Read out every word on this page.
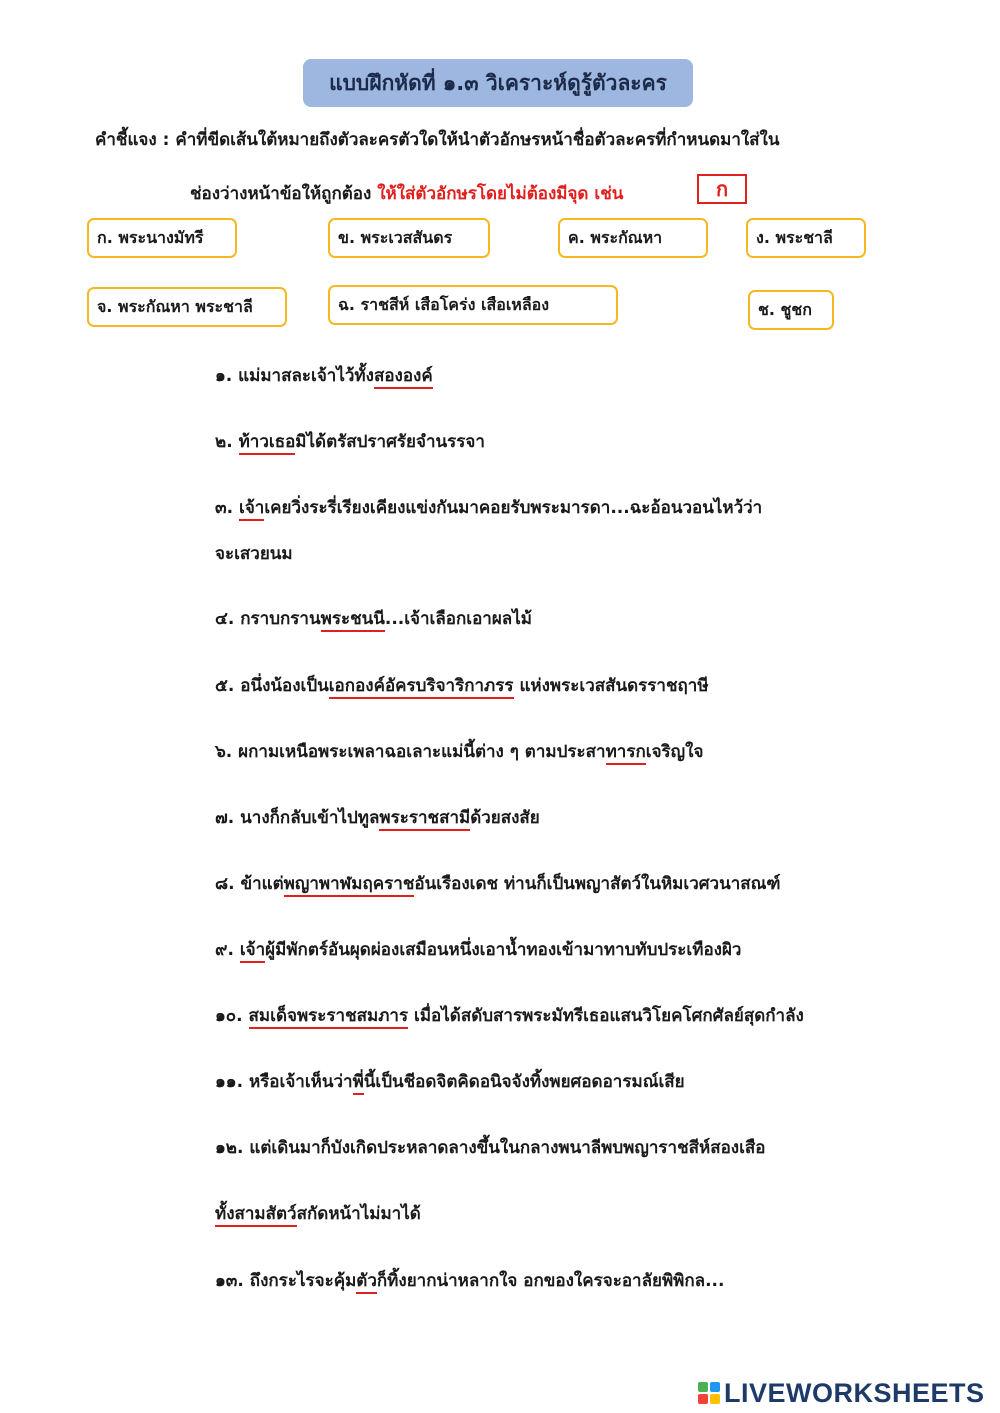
แบบฝึกหัดที่ ๑.๓ วิเคราะห์ดูรู้ตัวละคร
คำชี้แจง : คำที่ขีดเส้นใต้หมายถึงตัวละครตัวใดให้นำตัวอักษรหน้าชื่อตัวละครที่กำหนดมาใส่ใน
ช่องว่างหน้าข้อให้ถูกต้อง ให้ใส่ตัวอักษรโดยไม่ต้องมีจุด เช่น	ก
ก. พระนางมัทรี	ข. พระเวสสันดร	ค. พระกัณหา	ง. พระชาลี
จ. พระกัณหา พระชาลี	ฉ. ราชสีห์ เสือโคร่ง เสือเหลือง	ช. ชูชก
๑. แม่มาสละเจ้าไว้ทั้งสององค์
๒. ท้าวเธอมิได้ตรัสปราศรัยจำนรรจา
๓. เจ้าเคยวิ่งระรี่เรียงเคียงแข่งกันมาคอยรับพระมารดา...ฉะอ้อนวอนไหว้ว่า
จะเสวยนม
๔. กราบกรานพระชนนี...เจ้าเลือกเอาผลไม้
๕. อนึ่งน้องเป็นเอกองค์อัครบริจาริกาภรร แห่งพระเวสสันดรราชฤาษี
๖. ผกามเหนือพระเพลาฉอเลาะแม่นี้ต่าง ๆ ตามประสาทารกเจริญใจ
๗. นางก็กลับเข้าไปทูลพระราชสามีด้วยสงสัย
๘. ข้าแต่พญาพาฬมฤคราชอันเรืองเดช ท่านก็เป็นพญาสัตว์ในหิมเวศวนาสณฑ์
๙. เจ้าผู้มีพักตร์อันผุดผ่องเสมือนหนึ่งเอาน้ำทองเข้ามาทาบทับประเทืองผิว
๑๐. สมเด็จพระราชสมภาร เมื่อได้สดับสารพระมัทรีเธอแสนวิโยคโศกศัลย์สุดกำลัง
๑๑. หรือเจ้าเห็นว่าพี่นี้เป็นชีอดจิตคิดอนิจจังทิ้งพยศอดอารมณ์เสีย
๑๒. แต่เดินมาก็บังเกิดประหลาดลางขึ้นในกลางพนาลีพบพญาราชสีห์สองเสือ
ทั้งสามสัตว์สกัดหน้าไม่มาได้
๑๓. ถึงกระไรจะคุ้มตัวก็ทิ้งยากน่าหลากใจ อกของใครจะอาลัยพิพิกล...
LIVEWORKSHEETS
